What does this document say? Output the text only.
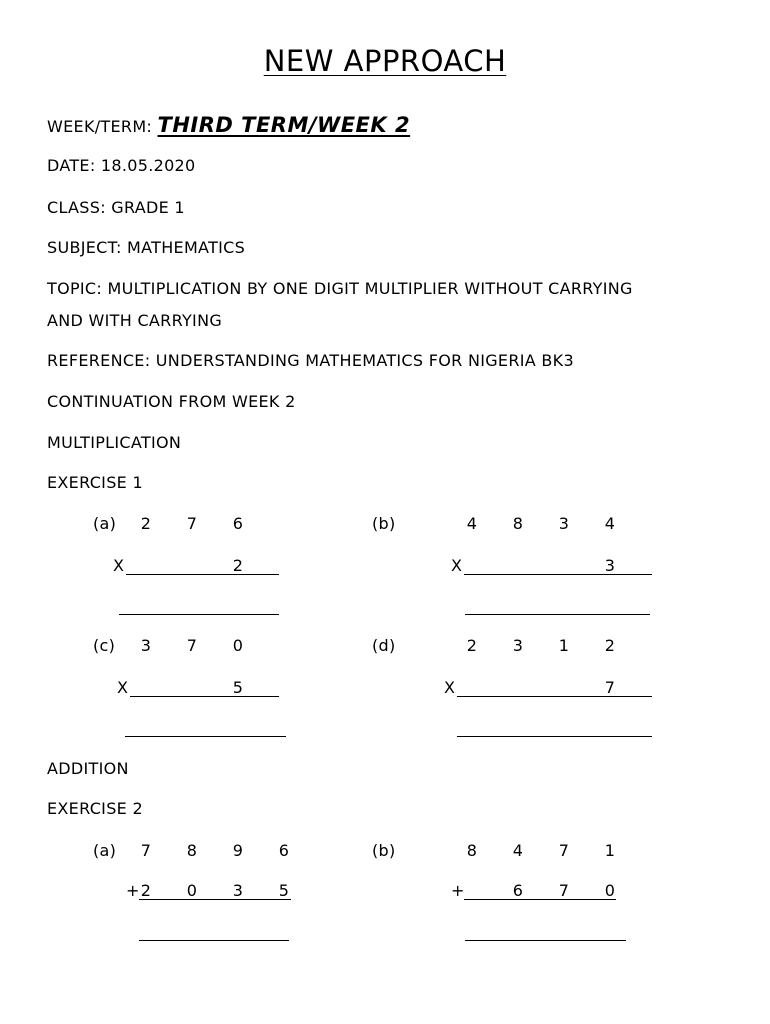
NEW APPROACH
WEEK/TERM: THIRD TERM/WEEK 2
DATE: 18.05.2020
CLASS: GRADE 1
SUBJECT: MATHEMATICS
TOPIC: MULTIPLICATION BY ONE DIGIT MULTIPLIER WITHOUT CARRYING
AND WITH CARRYING
REFERENCE: UNDERSTANDING MATHEMATICS FOR NIGERIA BK3
CONTINUATION FROM WEEK 2
MULTIPLICATION
EXERCISE 1
(a)	2	7	6
X	2
(b)	4	8	3	4
X	3
(c)	3	7	0
X	5
(d)	2	3	1	2
X	7
ADDITION
EXERCISE 2
(a)	7	8	9	6
+ 2	0	3	5
(b)	8	4	7	1
+	6	7	0
